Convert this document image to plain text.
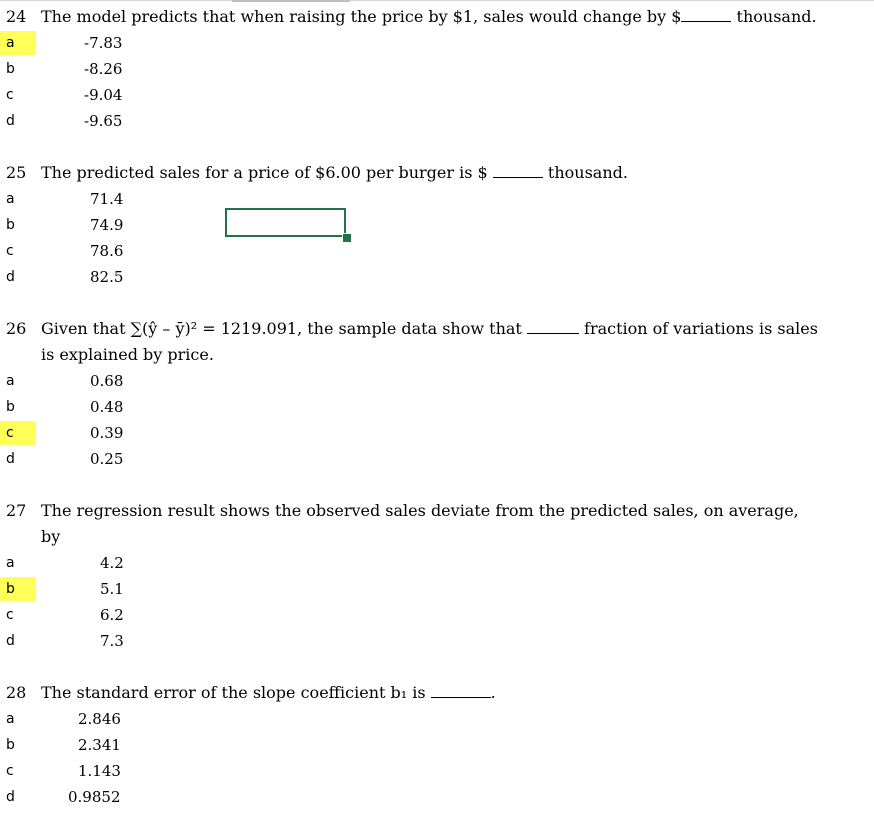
24 The model predicts that when raising the price by $1, sales would change by $	thousand.
a	-7.83
b	-8.26
c	-9.04
d	-9.65
25 The predicted sales for a price of $6.00 per burger is $	thousand.
a	71.4
b	74.9
c	78.6
d	82.5
26 Given that ∑(ŷ – ȳ)² = 1219.091, the sample data show that	fraction of variations is sales
is explained by price.
a	0.68
b	0.48
c	0.39
d	0.25
27 The regression result shows the observed sales deviate from the predicted sales, on average,
by
a	4.2
b	5.1
c	6.2
d	7.3
28 The standard error of the slope coefficient b₁ is	.
a	2.846
b	2.341
c	1.143
d	0.9852
